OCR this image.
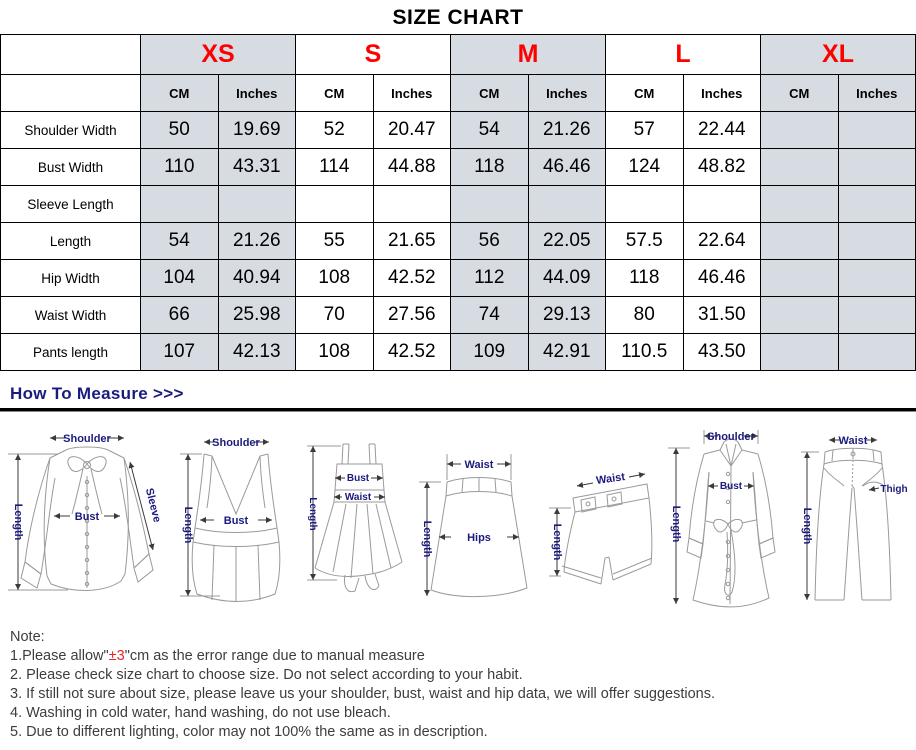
SIZE CHART
	XS		S		M		L		XL	
	CM	Inches	CM	Inches	CM	Inches	CM	Inches	CM	Inches
Shoulder Width	50	19.69	52	20.47	54	21.26	57	22.44		
Bust Width	110	43.31	114	44.88	118	46.46	124	48.82		
Sleeve Length										
Length	54	21.26	55	21.65	56	22.05	57.5	22.64		
Hip Width	104	40.94	108	42.52	112	44.09	118	46.46		
Waist Width	66	25.98	70	27.56	74	29.13	80	31.50		
Pants length	107	42.13	108	42.52	109	42.91	110.5	43.50		
How To Measure >>>
Shoulder
Bust
Length	Sleeve
Shoulder
Bust
Length
Bust
Waist
Length
Waist
Hips
Length
Waist
Length
Shoulder
Bust
Length
Waist
Thigh
Length
Note:
1.Please allow"±3"cm as the error range due to manual measure
2. Please check size chart to choose size. Do not select according to your habit.
3. If still not sure about size, please leave us your shoulder, bust, waist and hip data, we will offer suggestions.
4. Washing in cold water, hand washing, do not use bleach.
5. Due to different lighting, color may not 100% the same as in description.
